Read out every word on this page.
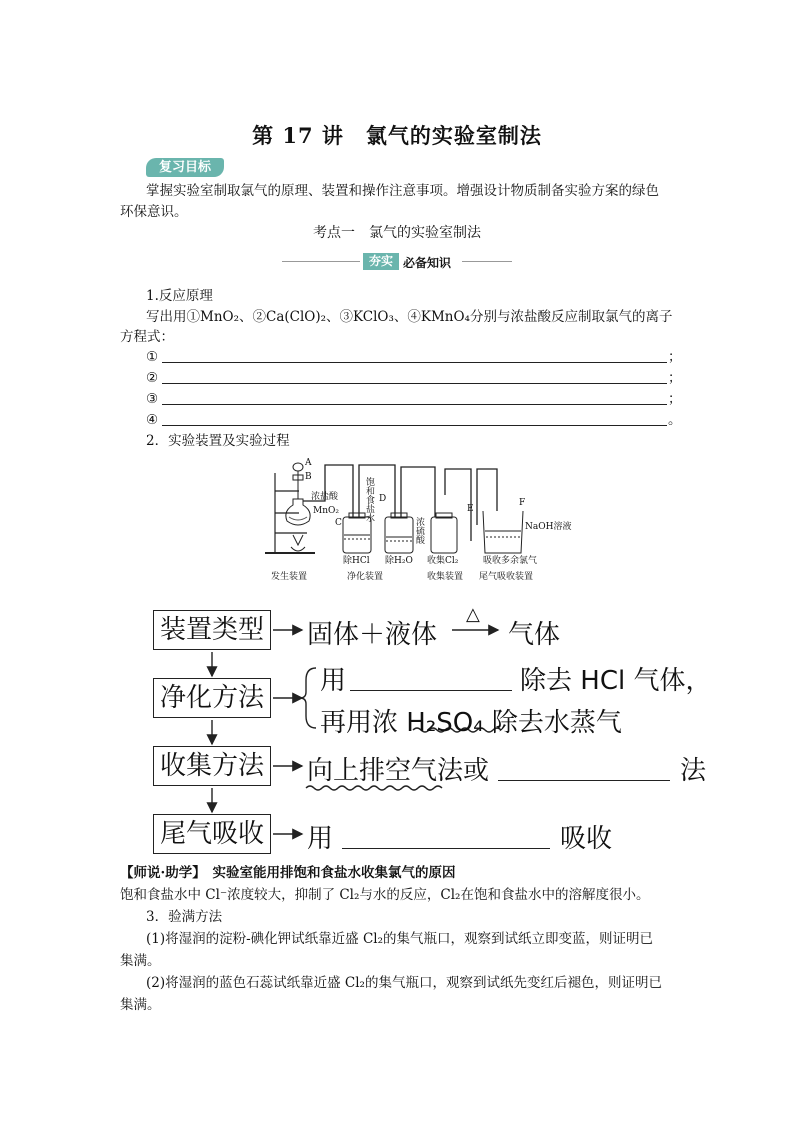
第 17 讲　氯气的实验室制法
复习目标
掌握实验室制取氯气的原理、装置和操作注意事项。增强设计物质制备实验方案的绿色
环保意识。
考点一　氯气的实验室制法
夯实 必备知识
1.反应原理
写出用①MnO₂、②Ca(ClO)₂、③KClO₃、④KMnO₄分别与浓盐酸反应制取氯气的离子
方程式：
①	；
②	；
③	；
④	。
2．实验装置及实验过程
A
B
浓盐酸
MnO₂
C
D
E
F
饱和食盐水
浓硫酸	NaOH溶液
除HCl 除H₂O 收集Cl₂	吸收多余氯气
发生装置	净化装置	收集装置 尾气吸收装置
装置类型 固体＋液体
△
气体
净化方法
用	除去 HCl 气体，
再用浓 H₂SO₄ 除去水蒸气
收集方法 向上排空气法或	法
尾气吸收 用	吸收
【师说·助学】　实验室能用排饱和食盐水收集氯气的原因
饱和食盐水中 Cl⁻浓度较大，抑制了 Cl₂与水的反应，Cl₂在饱和食盐水中的溶解度很小。
3．验满方法
(1)将湿润的淀粉-碘化钾试纸靠近盛 Cl₂的集气瓶口，观察到试纸立即变蓝，则证明已
集满。
(2)将湿润的蓝色石蕊试纸靠近盛 Cl₂的集气瓶口，观察到试纸先变红后褪色，则证明已
集满。
